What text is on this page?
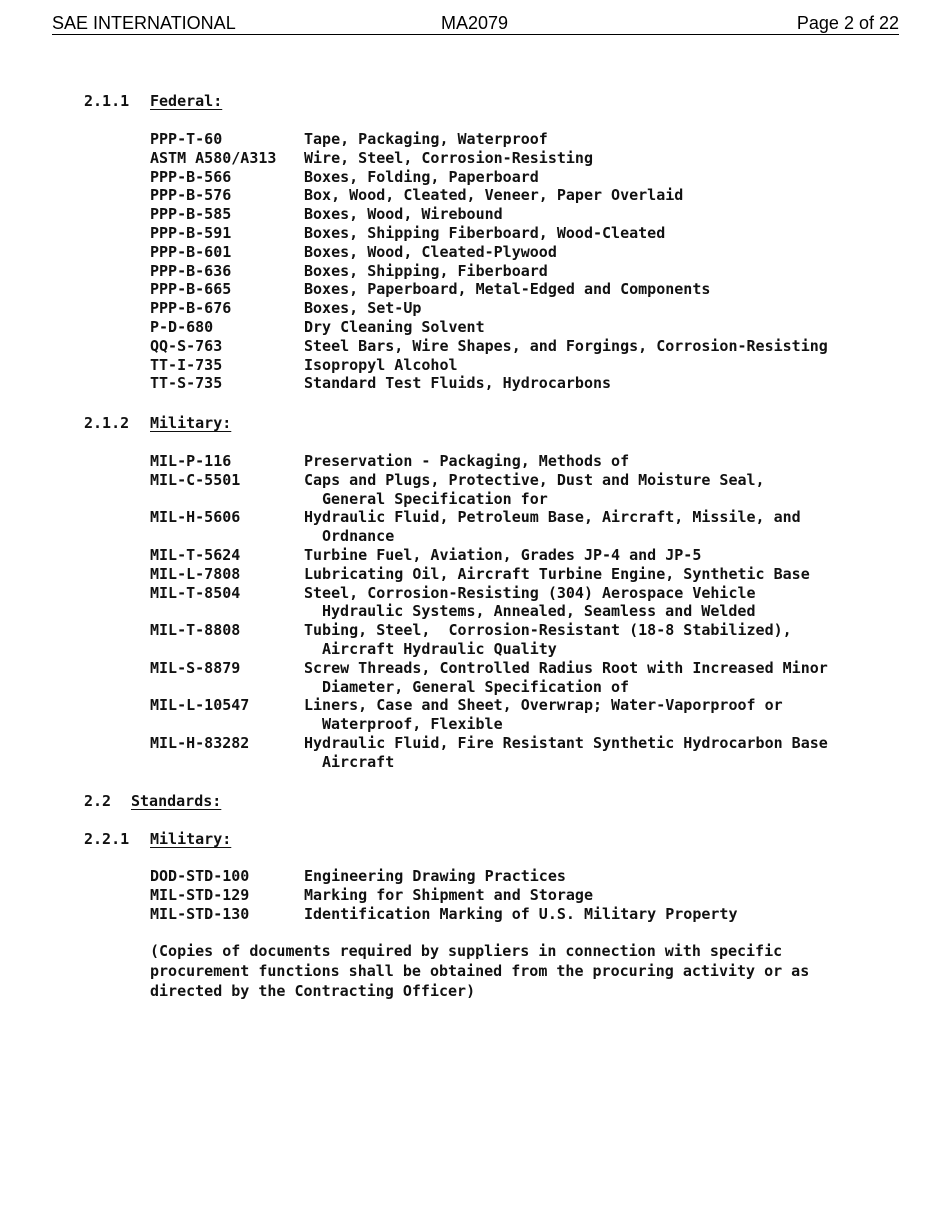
SAE INTERNATIONAL	MA2079	Page 2 of 22
2.1.1 Federal:
PPP-T-60	Tape, Packaging, Waterproof
ASTM A580/A313 Wire, Steel, Corrosion-Resisting
PPP-B-566	Boxes, Folding, Paperboard
PPP-B-576	Box, Wood, Cleated, Veneer, Paper Overlaid
PPP-B-585	Boxes, Wood, Wirebound
PPP-B-591	Boxes, Shipping Fiberboard, Wood-Cleated
PPP-B-601	Boxes, Wood, Cleated-Plywood
PPP-B-636	Boxes, Shipping, Fiberboard
PPP-B-665	Boxes, Paperboard, Metal-Edged and Components
PPP-B-676	Boxes, Set-Up
P-D-680	Dry Cleaning Solvent
QQ-S-763	Steel Bars, Wire Shapes, and Forgings, Corrosion-Resisting
TT-I-735	Isopropyl Alcohol
TT-S-735	Standard Test Fluids, Hydrocarbons
2.1.2 Military:
MIL-P-116	Preservation - Packaging, Methods of
MIL-C-5501	Caps and Plugs, Protective, Dust and Moisture Seal,
General Specification for
MIL-H-5606	Hydraulic Fluid, Petroleum Base, Aircraft, Missile, and
Ordnance
MIL-T-5624	Turbine Fuel, Aviation, Grades JP-4 and JP-5
MIL-L-7808	Lubricating Oil, Aircraft Turbine Engine, Synthetic Base
MIL-T-8504	Steel, Corrosion-Resisting (304) Aerospace Vehicle
Hydraulic Systems, Annealed, Seamless and Welded
MIL-T-8808	Tubing, Steel,  Corrosion-Resistant (18-8 Stabilized),
Aircraft Hydraulic Quality
MIL-S-8879	Screw Threads, Controlled Radius Root with Increased Minor
Diameter, General Specification of
MIL-L-10547	Liners, Case and Sheet, Overwrap; Water-Vaporproof or
Waterproof, Flexible
MIL-H-83282	Hydraulic Fluid, Fire Resistant Synthetic Hydrocarbon Base
Aircraft
2.2 Standards:
2.2.1 Military:
DOD-STD-100	Engineering Drawing Practices
MIL-STD-129	Marking for Shipment and Storage
MIL-STD-130	Identification Marking of U.S. Military Property
(Copies of documents required by suppliers in connection with specific
procurement functions shall be obtained from the procuring activity or as
directed by the Contracting Officer)
